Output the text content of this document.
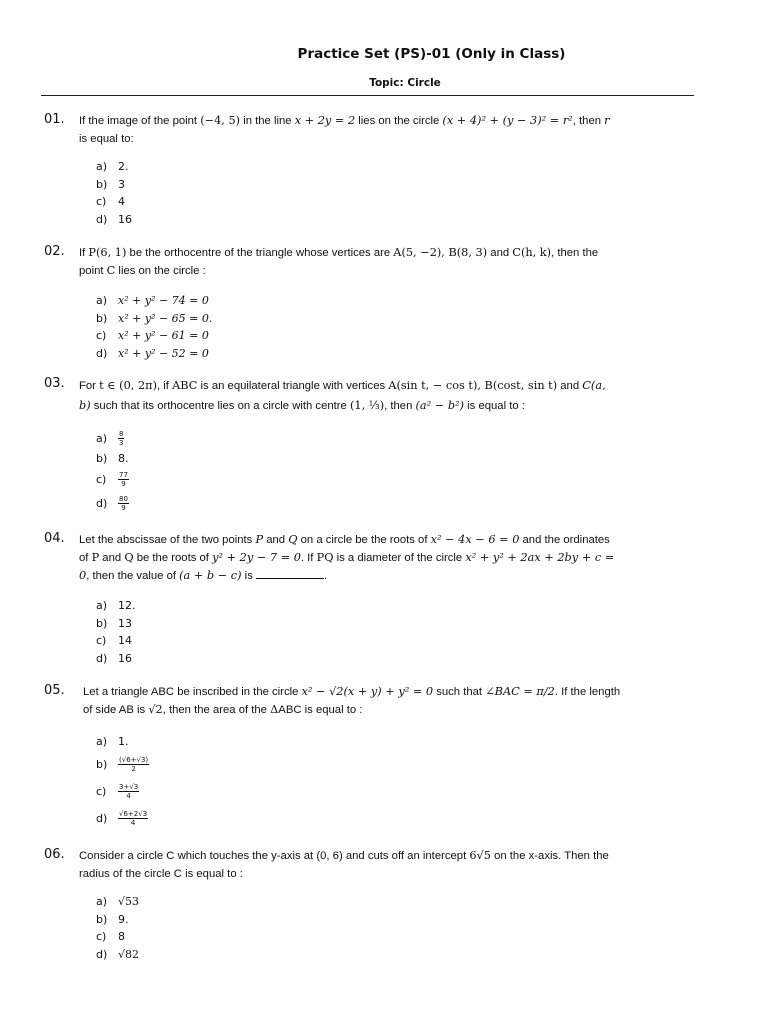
Practice Set (PS)-01 (Only in Class)
Topic: Circle
01. If the image of the point (−4, 5) in the line x + 2y = 2 lies on the circle (x + 4)² + (y − 3)² = r², then r is equal to:
a) 2.
b) 3
c)	4
d) 16
02. If P(6, 1) be the orthocentre of the triangle whose vertices are A(5, −2), B(8, 3) and C(h, k), then the point C lies on the circle :
a) x² + y² − 74 = 0
b) x² + y² − 65 = 0.
c)	x² + y² − 61 = 0
d) x² + y² − 52 = 0
03. For t ∈ (0, 2π), if ABC is an equilateral triangle with vertices A(sin t, − cos t), B(cost, sin t) and C(a, b) such that its orthocentre lies on a circle with centre (1, ⅓), then (a² − b²) is equal to :
a)	$\frac{8}{3}$
b) 8.
c)	$\frac{77}{9}$
d)	$\frac{80}{9}$
04. Let the abscissae of the two points P and Q on a circle be the roots of x² − 4x − 6 = 0 and the ordinates of P and Q be the roots of y² + 2y − 7 = 0. If PQ is a diameter of the circle x² + y² + 2ax + 2by + c = 0, then the value of (a + b − c) is	.
a) 12.
b) 13
c)	14
d) 16
05. Let a triangle ABC be inscribed in the circle x² − √2(x + y) + y² = 0 such that ∠BAC = π/2. If the length of side AB is √2, then the area of the ΔABC is equal to :
a) 1.
b)	$\frac{(√6+√3)}{2}$
c)	$\frac{3+√3}{4}$
d)	$\frac{√6+2√3}{4}$
06. Consider a circle C which touches the y-axis at (0, 6) and cuts off an intercept 6√5 on the x-axis. Then the radius of the circle C is equal to :
a) √53
b) 9.
c)	8
d) √82
